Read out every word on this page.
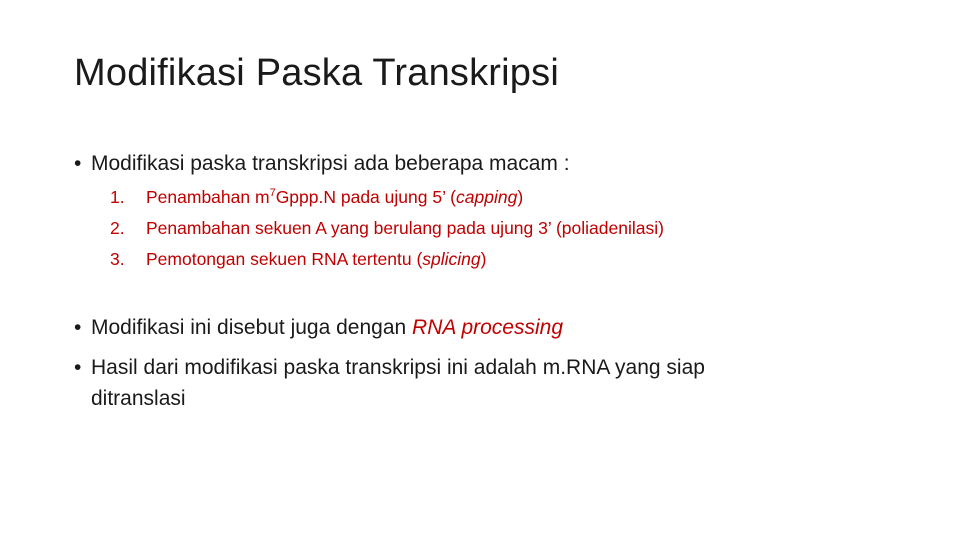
Modifikasi Paska Transkripsi
• Modifikasi paska transkripsi ada beberapa macam :
1.	Penambahan $m^7Gppp.N$ pada ujung 5’ (capping)
2.	Penambahan sekuen A yang berulang pada ujung 3’ (poliadenilasi)
3.	Pemotongan sekuen RNA tertentu (splicing)
• Modifikasi ini disebut juga dengan RNA processing
• Hasil dari modifikasi paska transkripsi ini adalah m.RNA yang siap
ditranslasi
